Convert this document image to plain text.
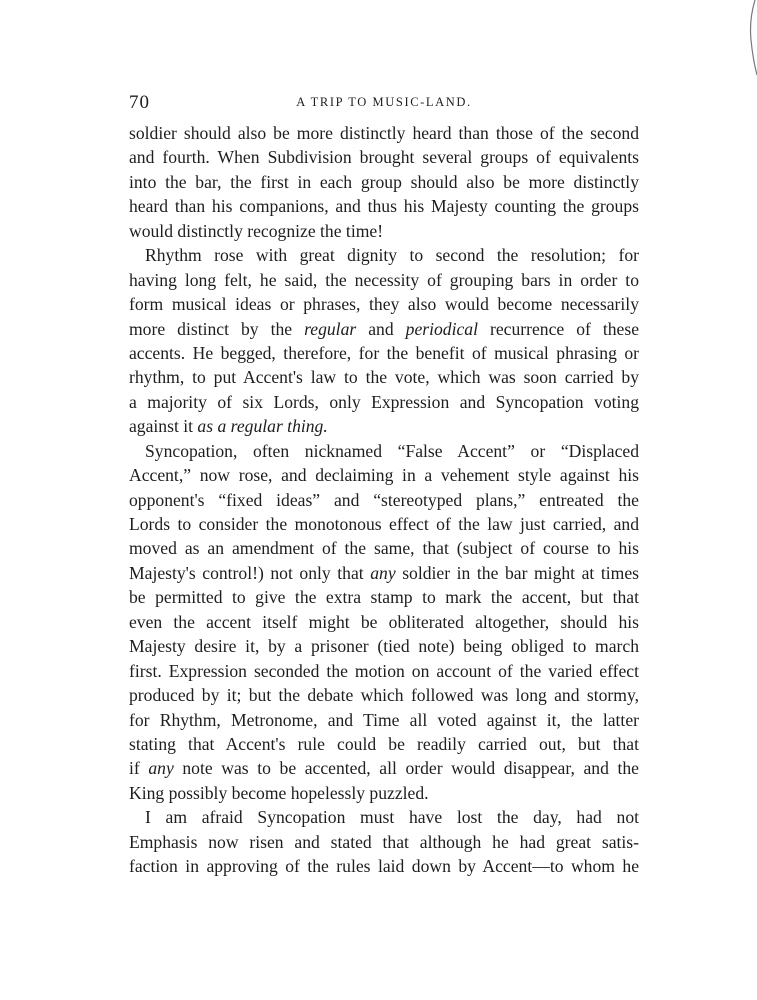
70	A TRIP TO MUSIC-LAND.
soldier should also be more distinctly heard than those of the second
and fourth. When Subdivision brought several groups of equivalents
into the bar, the first in each group should also be more distinctly
heard than his companions, and thus his Majesty counting the groups
would distinctly recognize the time!
Rhythm rose with great dignity to second the resolution; for
having long felt, he said, the necessity of grouping bars in order to
form musical ideas or phrases, they also would become necessarily
more distinct by the regular and periodical recurrence of these
accents. He begged, therefore, for the benefit of musical phrasing or
rhythm, to put Accent's law to the vote, which was soon carried by
a majority of six Lords, only Expression and Syncopation voting
against it as a regular thing.
Syncopation, often nicknamed “False Accent” or “Displaced
Accent,” now rose, and declaiming in a vehement style against his
opponent's “fixed ideas” and “stereotyped plans,” entreated the
Lords to consider the monotonous effect of the law just carried, and
moved as an amendment of the same, that (subject of course to his
Majesty's control!) not only that any soldier in the bar might at times
be permitted to give the extra stamp to mark the accent, but that
even the accent itself might be obliterated altogether, should his
Majesty desire it, by a prisoner (tied note) being obliged to march
first. Expression seconded the motion on account of the varied effect
produced by it; but the debate which followed was long and stormy,
for Rhythm, Metronome, and Time all voted against it, the latter
stating that Accent's rule could be readily carried out, but that
if any note was to be accented, all order would disappear, and the
King possibly become hopelessly puzzled.
I am afraid Syncopation must have lost the day, had not
Emphasis now risen and stated that although he had great satis-
faction in approving of the rules laid down by Accent—to whom he
